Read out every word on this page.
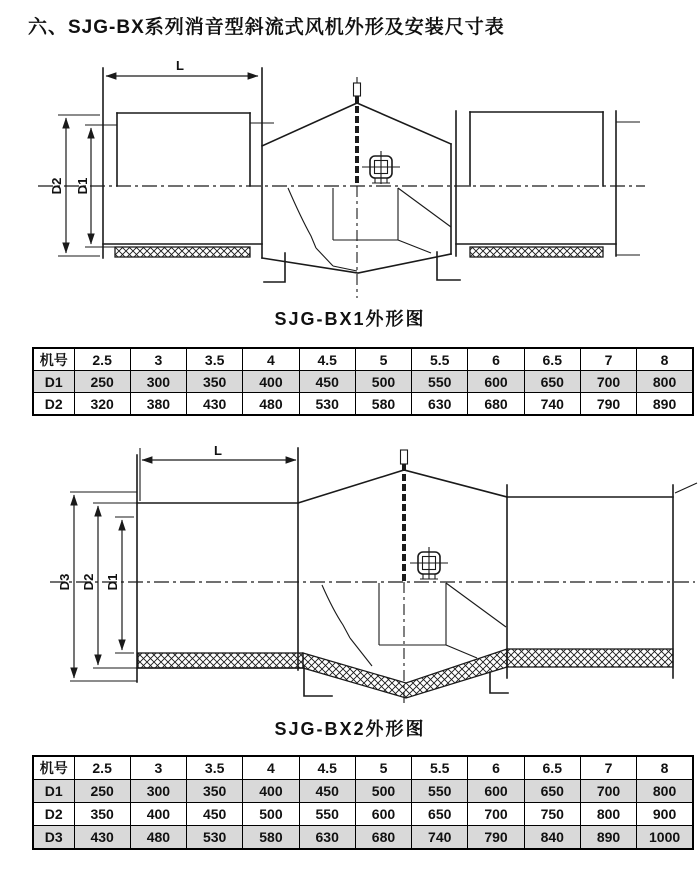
六、SJG-BX系列消音型斜流式风机外形及安装尺寸表
L
D2 D1
SJG-BX1外形图
机号	2.5	3	3.5	4	4.5	5	5.5	6	6.5	7	8
D1	250	300	350	400	450	500	550	600	650	700	800
D2	320	380	430	480	530	580	630	680	740	790	890
L
D3 D2 D1
SJG-BX2外形图
机号	2.5	3	3.5	4	4.5	5	5.5	6	6.5	7	8
D1	250	300	350	400	450	500	550	600	650	700	800
D2	350	400	450	500	550	600	650	700	750	800	900
D3	430	480	530	580	630	680	740	790	840	890	1000
